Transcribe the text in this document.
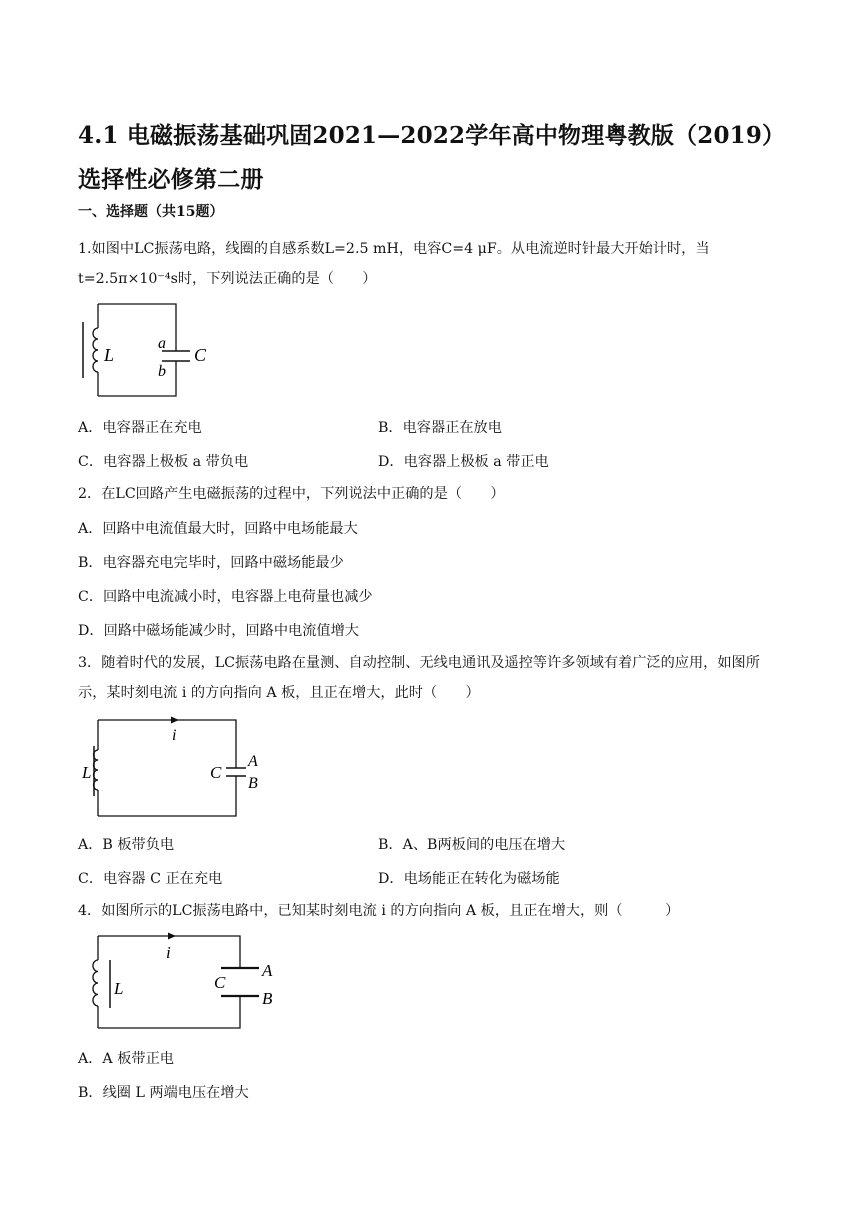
4.1 电磁振荡基础巩固2021—2022学年高中物理粤教版（2019）选择性必修第二册
一、选择题（共15题）
1.如图中LC振荡电路，线圈的自感系数L=2.5 mH，电容C=4 μF。从电流逆时针最大开始计时，当t=2.5π×10⁻⁴s时，下列说法正确的是（　　）
L
a
b
C
A．电容器正在充电	B．电容器正在放电
C．电容器上极板 a 带负电	D．电容器上极板 a 带正电
2．在LC回路产生电磁振荡的过程中，下列说法中正确的是（　　）
A．回路中电流值最大时，回路中电场能最大
B．电容器充电完毕时，回路中磁场能最少
C．回路中电流减小时，电容器上电荷量也减少
D．回路中磁场能减少时，回路中电流值增大
3．随着时代的发展，LC振荡电路在量测、自动控制、无线电通讯及遥控等许多领域有着广泛的应用，如图所示，某时刻电流 i 的方向指向 A 板，且正在增大，此时（　　）
i
L	C
A
B
A．B 板带负电	B．A、B两板间的电压在增大
C．电容器 C 正在充电	D．电场能正在转化为磁场能
4．如图所示的LC振荡电路中，已知某时刻电流 i 的方向指向 A 板，且正在增大，则（　　　）
i
L	C
A
B
A．A 板带正电
B．线圈 L 两端电压在增大
